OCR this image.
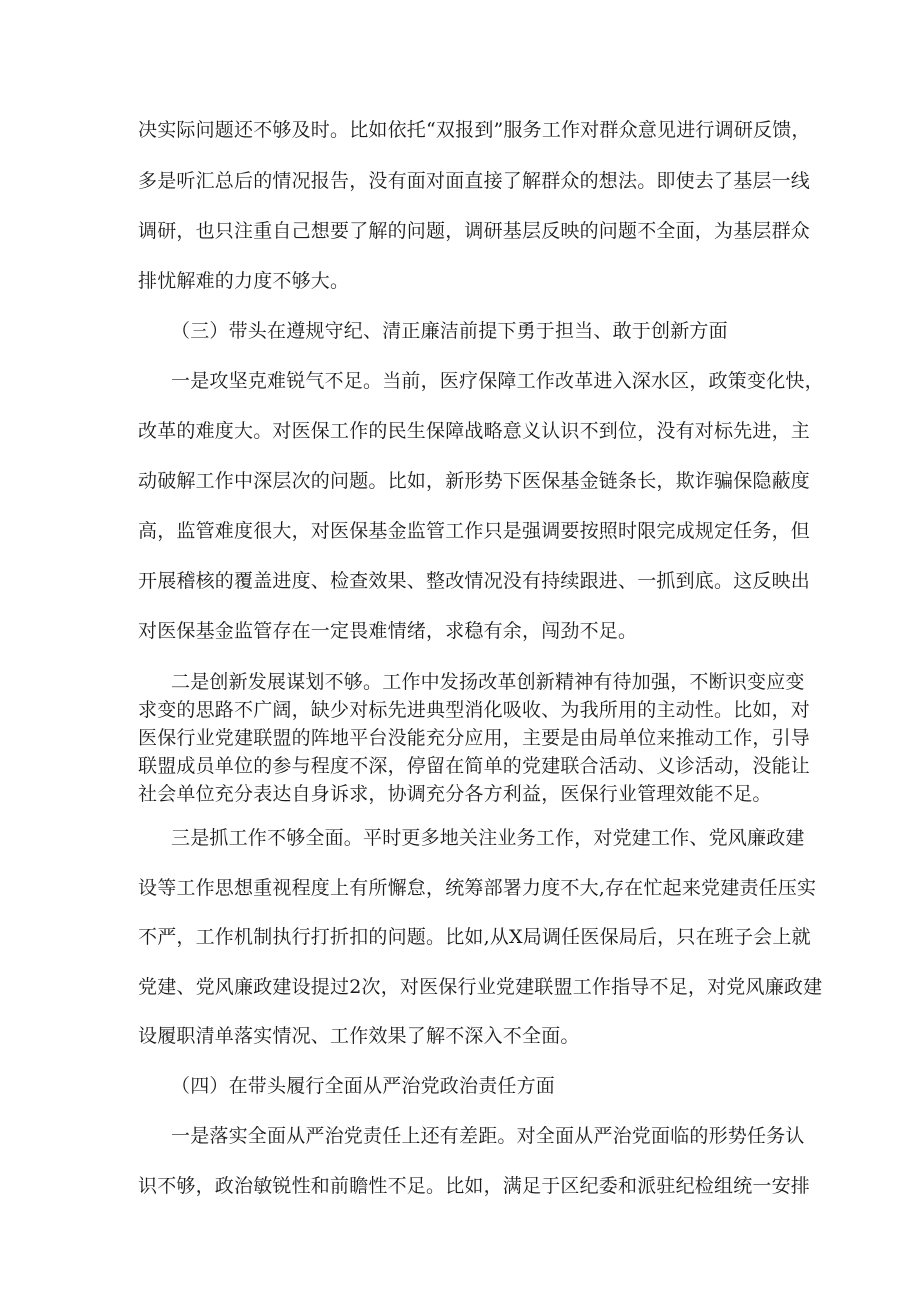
决实际问题还不够及时。比如依托“双报到”服务工作对群众意见进行调研反馈，
多是听汇总后的情况报告，没有面对面直接了解群众的想法。即使去了基层一线
调研，也只注重自己想要了解的问题，调研基层反映的问题不全面，为基层群众
排忧解难的力度不够大。
（三）带头在遵规守纪、清正廉洁前提下勇于担当、敢于创新方面
一是攻坚克难锐气不足。当前，医疗保障工作改革进入深水区，政策变化快，
改革的难度大。对医保工作的民生保障战略意义认识不到位，没有对标先进，主
动破解工作中深层次的问题。比如，新形势下医保基金链条长，欺诈骗保隐蔽度
高，监管难度很大，对医保基金监管工作只是强调要按照时限完成规定任务，但
开展稽核的覆盖进度、检查效果、整改情况没有持续跟进、一抓到底。这反映出
对医保基金监管存在一定畏难情绪，求稳有余，闯劲不足。
二是创新发展谋划不够。工作中发扬改革创新精神有待加强，不断识变应变
求变的思路不广阔，缺少对标先进典型消化吸收、为我所用的主动性。比如，对
医保行业党建联盟的阵地平台没能充分应用，主要是由局单位来推动工作，引导
联盟成员单位的参与程度不深，停留在简单的党建联合活动、义诊活动，没能让
社会单位充分表达自身诉求，协调充分各方利益，医保行业管理效能不足。
三是抓工作不够全面。平时更多地关注业务工作，对党建工作、党风廉政建
设等工作思想重视程度上有所懈怠，统筹部署力度不大,存在忙起来党建责任压实
不严，工作机制执行打折扣的问题。比如,从X局调任医保局后，只在班子会上就
党建、党风廉政建设提过2次，对医保行业党建联盟工作指导不足，对党风廉政建
设履职清单落实情况、工作效果了解不深入不全面。
（四）在带头履行全面从严治党政治责任方面
一是落实全面从严治党责任上还有差距。对全面从严治党面临的形势任务认
识不够，政治敏锐性和前瞻性不足。比如，满足于区纪委和派驻纪检组统一安排
